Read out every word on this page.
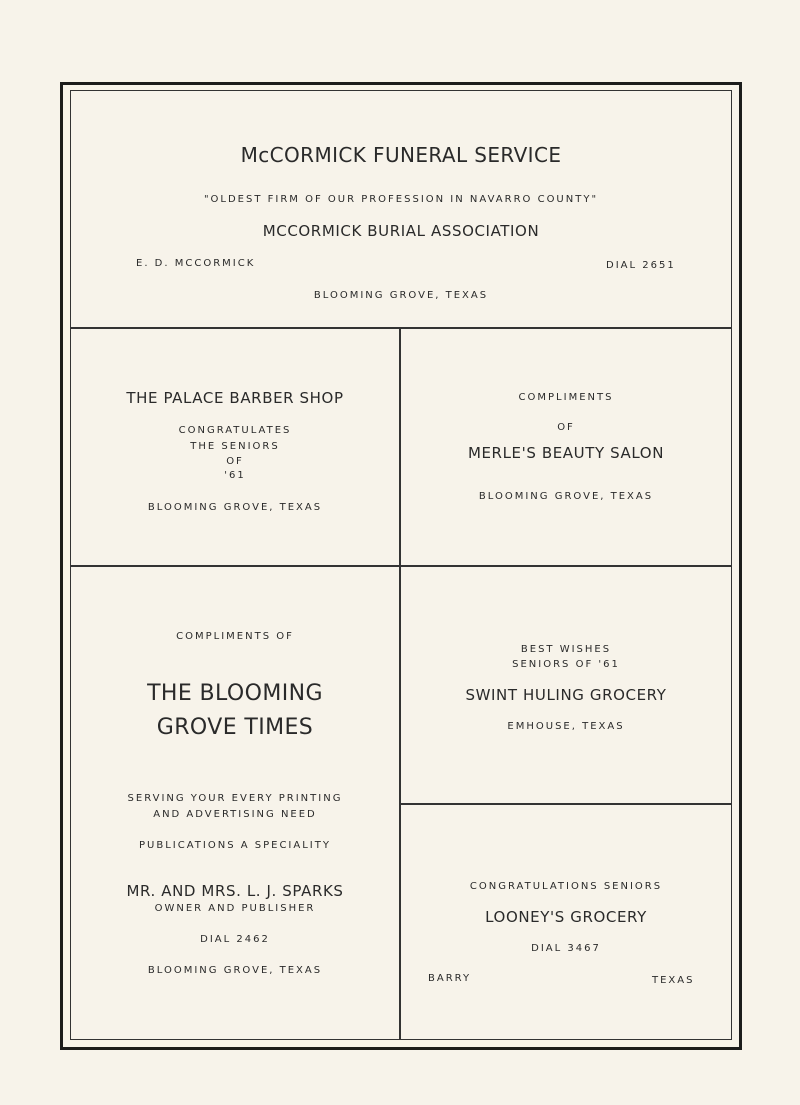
McCORMICK FUNERAL SERVICE
"OLDEST FIRM OF OUR PROFESSION IN NAVARRO COUNTY"
MCCORMICK BURIAL ASSOCIATION
E. D. MCCORMICK	DIAL 2651
BLOOMING GROVE, TEXAS
THE PALACE BARBER SHOP
CONGRATULATES
THE SENIORS
OF
'61
BLOOMING GROVE, TEXAS
COMPLIMENTS
OF
MERLE'S BEAUTY SALON
BLOOMING GROVE, TEXAS
COMPLIMENTS OF
THE BLOOMING
GROVE TIMES
SERVING YOUR EVERY PRINTING
AND ADVERTISING NEED
PUBLICATIONS A SPECIALITY
MR. AND MRS. L. J. SPARKS
OWNER AND PUBLISHER
DIAL 2462
BLOOMING GROVE, TEXAS
BEST WISHES
SENIORS OF '61
SWINT HULING GROCERY
EMHOUSE, TEXAS
CONGRATULATIONS SENIORS
LOONEY'S GROCERY
DIAL 3467
BARRY	TEXAS
